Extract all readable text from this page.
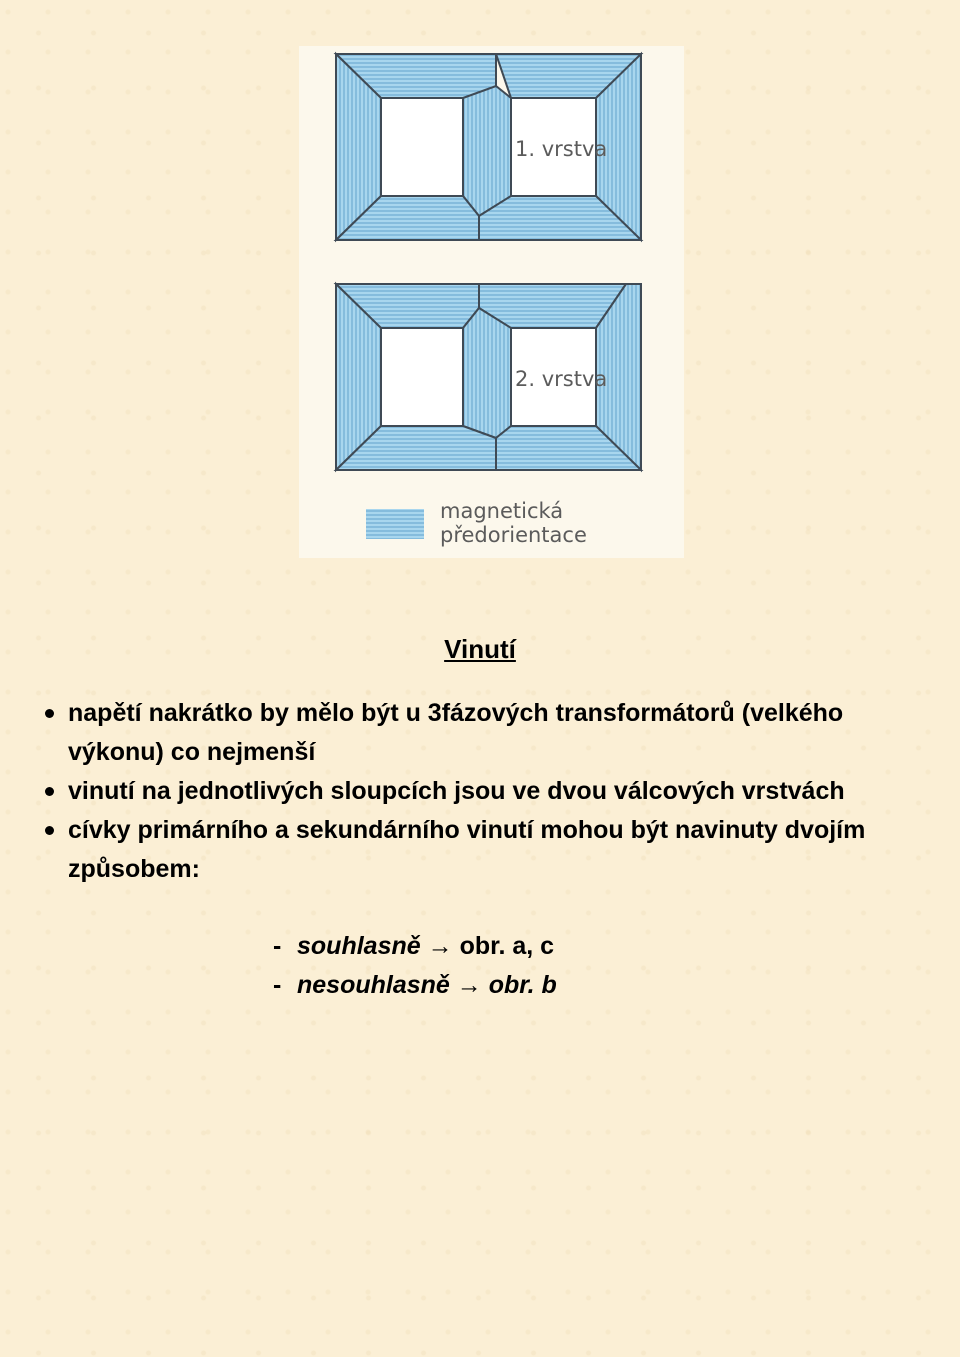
1. vrstva
2. vrstva
magnetická
předorientace
Vinutí
napětí nakrátko by mělo být u 3fázových transformátorů (velkého výkonu) co nejmenší
vinutí na jednotlivých sloupcích jsou ve dvou válcových vrstvách
cívky primárního a sekundárního vinutí mohou být navinuty dvojím způsobem:
- souhlasně → obr. a, c
- nesouhlasně → obr. b
